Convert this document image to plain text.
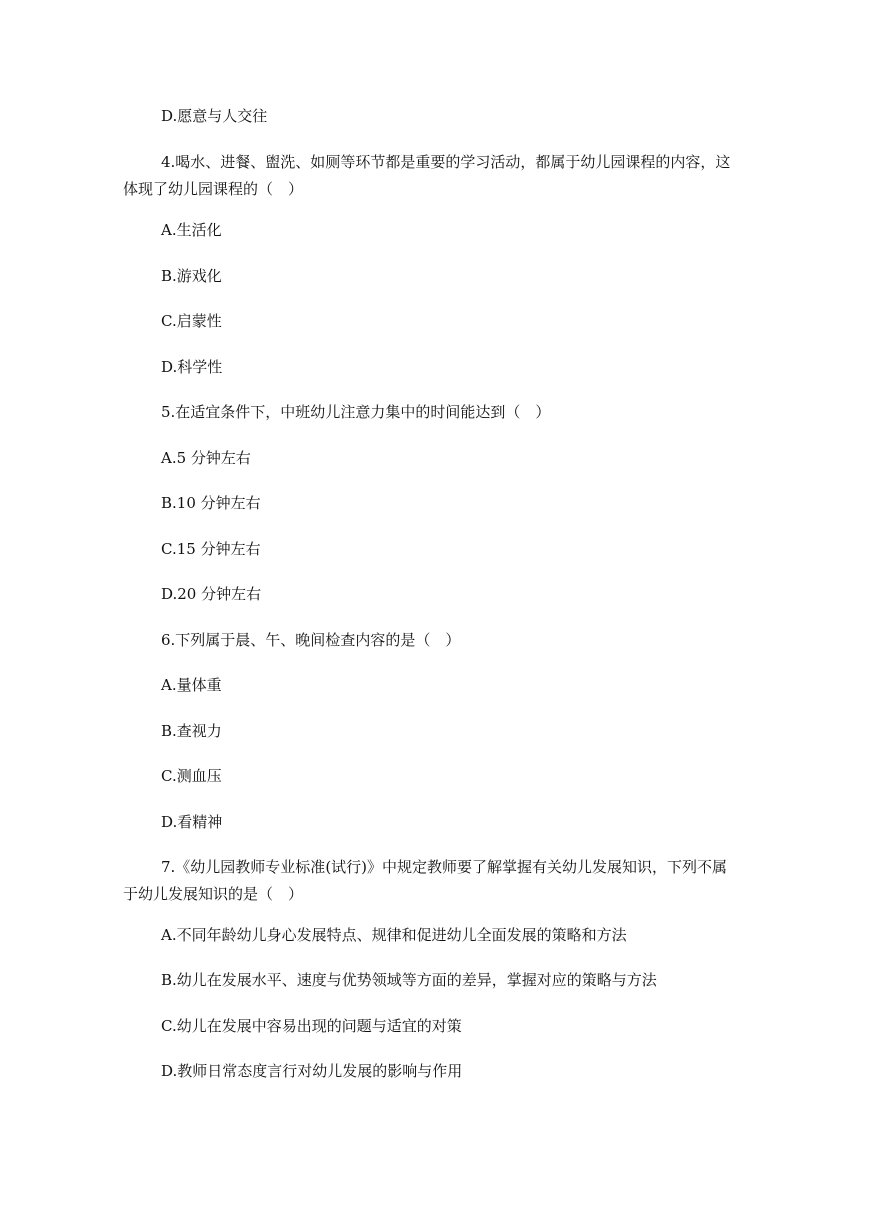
D.愿意与人交往
4.喝水、进餐、盥洗、如厕等环节都是重要的学习活动，都属于幼儿园课程的内容，这
体现了幼儿园课程的（　）
A.生活化
B.游戏化
C.启蒙性
D.科学性
5.在适宜条件下，中班幼儿注意力集中的时间能达到（　）
A.5 分钟左右
B.10 分钟左右
C.15 分钟左右
D.20 分钟左右
6.下列属于晨、午、晚间检查内容的是（　）
A.量体重
B.查视力
C.测血压
D.看精神
7.《幼儿园教师专业标准(试行)》中规定教师要了解掌握有关幼儿发展知识，下列不属
于幼儿发展知识的是（　）
A.不同年龄幼儿身心发展特点、规律和促进幼儿全面发展的策略和方法
B.幼儿在发展水平、速度与优势领域等方面的差异，掌握对应的策略与方法
C.幼儿在发展中容易出现的问题与适宜的对策
D.教师日常态度言行对幼儿发展的影响与作用
